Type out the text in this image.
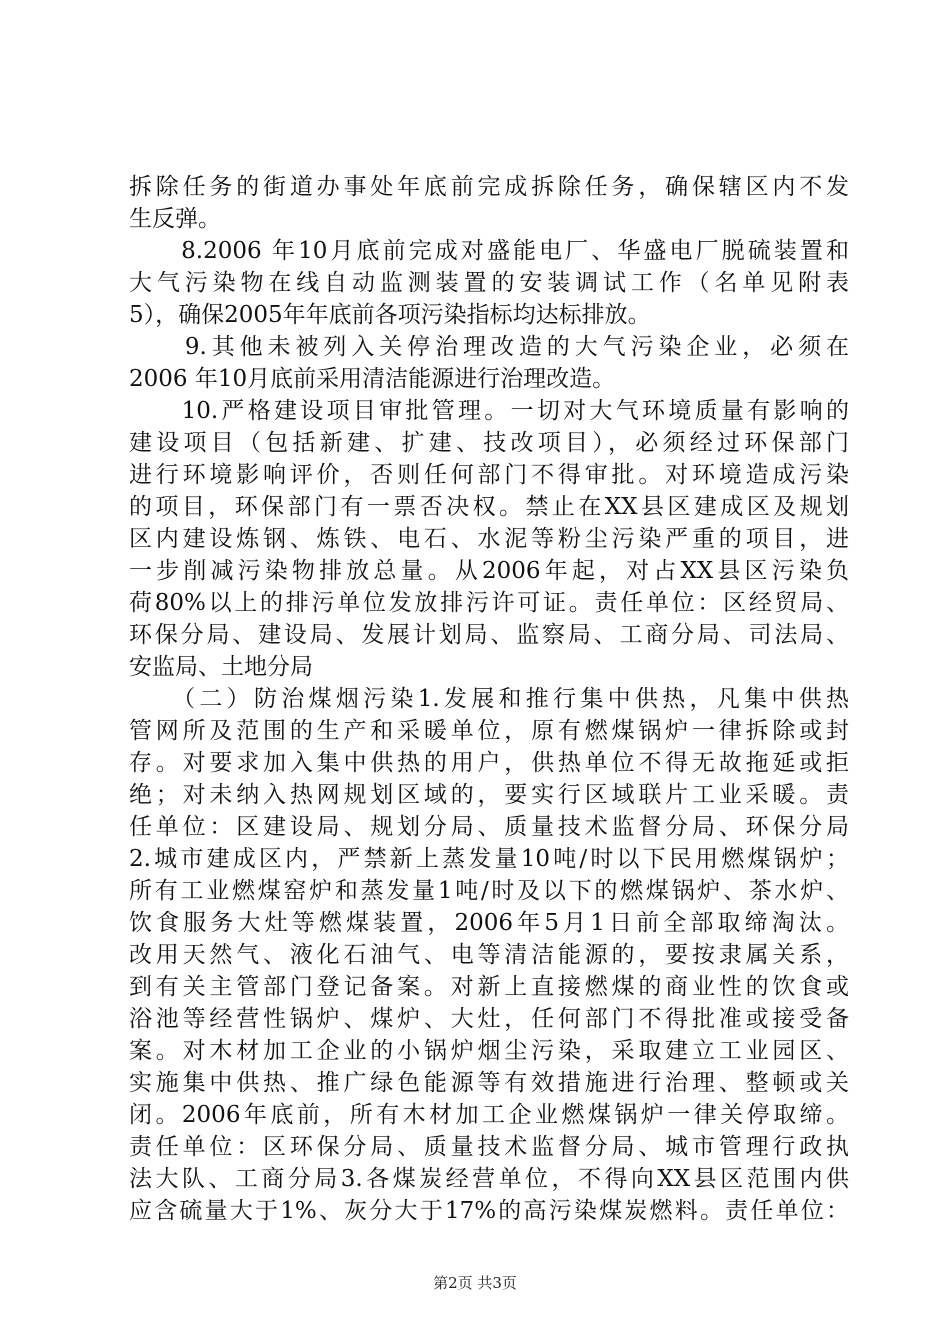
拆除任务的街道办事处年底前完成拆除任务，确保辖区内不发
生反弹。
　　8.2006 年10月底前完成对盛能电厂、华盛电厂脱硫装置和
大气污染物在线自动监测装置的安装调试工作（名单见附表
5），确保2005年年底前各项污染指标均达标排放。
　　9.其他未被列入关停治理改造的大气污染企业，必须在
2006 年10月底前采用清洁能源进行治理改造。
　　10.严格建设项目审批管理。一切对大气环境质量有影响的
建设项目（包括新建、扩建、技改项目），必须经过环保部门
进行环境影响评价，否则任何部门不得审批。对环境造成污染
的项目，环保部门有一票否决权。禁止在XX县区建成区及规划
区内建设炼钢、炼铁、电石、水泥等粉尘污染严重的项目，进
一步削减污染物排放总量。从2006年起，对占XX县区污染负
荷80%以上的排污单位发放排污许可证。责任单位：区经贸局、
环保分局、建设局、发展计划局、监察局、工商分局、司法局、
安监局、土地分局
　　（二）防治煤烟污染1.发展和推行集中供热，凡集中供热
管网所及范围的生产和采暖单位，原有燃煤锅炉一律拆除或封
存。对要求加入集中供热的用户，供热单位不得无故拖延或拒
绝；对未纳入热网规划区域的，要实行区域联片工业采暖。责
任单位：区建设局、规划分局、质量技术监督分局、环保分局
2.城市建成区内，严禁新上蒸发量10吨/时以下民用燃煤锅炉；
所有工业燃煤窑炉和蒸发量1吨/时及以下的燃煤锅炉、茶水炉、
饮食服务大灶等燃煤装置，2006年5月1日前全部取缔淘汰。
改用天然气、液化石油气、电等清洁能源的，要按隶属关系，
到有关主管部门登记备案。对新上直接燃煤的商业性的饮食或
浴池等经营性锅炉、煤炉、大灶，任何部门不得批准或接受备
案。对木材加工企业的小锅炉烟尘污染，采取建立工业园区、
实施集中供热、推广绿色能源等有效措施进行治理、整顿或关
闭。2006年底前，所有木材加工企业燃煤锅炉一律关停取缔。
责任单位：区环保分局、质量技术监督分局、城市管理行政执
法大队、工商分局3.各煤炭经营单位，不得向XX县区范围内供
应含硫量大于1%、灰分大于17%的高污染煤炭燃料。责任单位：
第2页 共3页
